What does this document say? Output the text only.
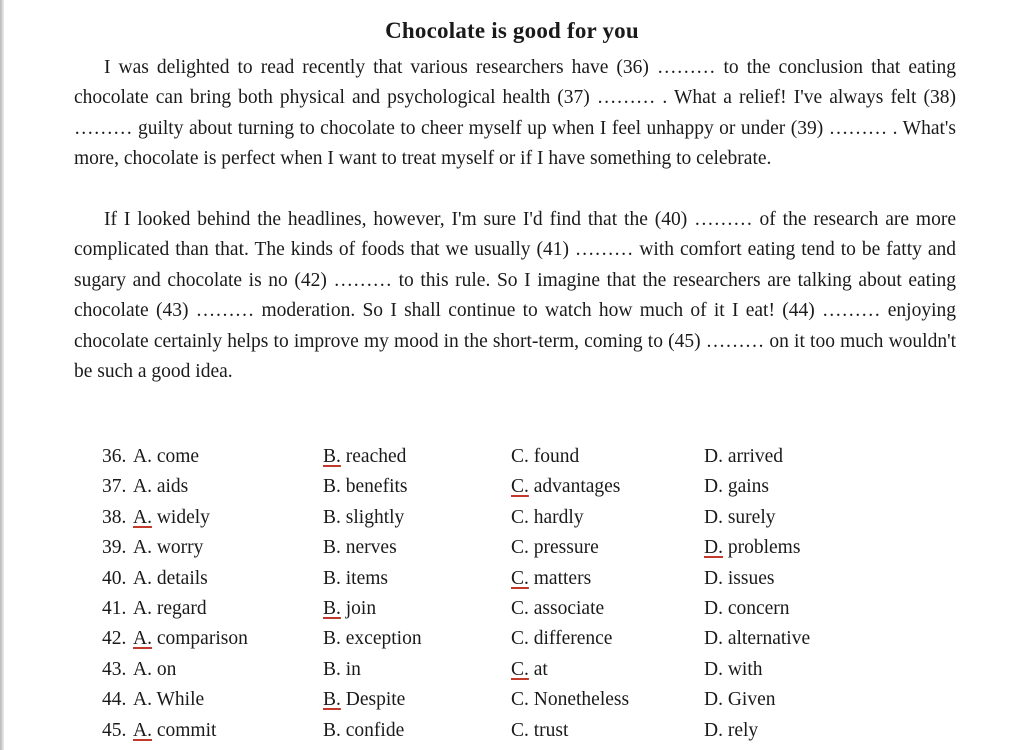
Chocolate is good for you

I was delighted to read recently that various researchers have (36) ……… to the conclusion that eating chocolate can bring both physical and psychological health (37) ……… . What a relief! I've always felt (38) ……… guilty about turning to chocolate to cheer myself up when I feel unhappy or under (39) ……… . What's more, chocolate is perfect when I want to treat myself or if I have something to celebrate.

If I looked behind the headlines, however, I'm sure I'd find that the (40) ……… of the research are more complicated than that. The kinds of foods that we usually (41) ……… with comfort eating tend to be fatty and sugary and chocolate is no (42) ……… to this rule. So I imagine that the researchers are talking about eating chocolate (43) ……… moderation. So I shall continue to watch how much of it I eat! (44) ……… enjoying chocolate certainly helps to improve my mood in the short-term, coming to (45) ……… on it too much wouldn't be such a good idea.

36. A. come	B. reached	C. found	D. arrived
37. A. aids	B. benefits	C. advantages	D. gains
38. A. widely	B. slightly	C. hardly	D. surely
39. A. worry	B. nerves	C. pressure	D. problems
40. A. details	B. items	C. matters	D. issues
41. A. regard	B. join	C. associate	D. concern
42. A. comparison	B. exception	C. difference	D. alternative
43. A. on	B. in	C. at	D. with
44. A. While	B. Despite	C. Nonetheless	D. Given
45. A. commit	B. confide	C. trust	D. rely
